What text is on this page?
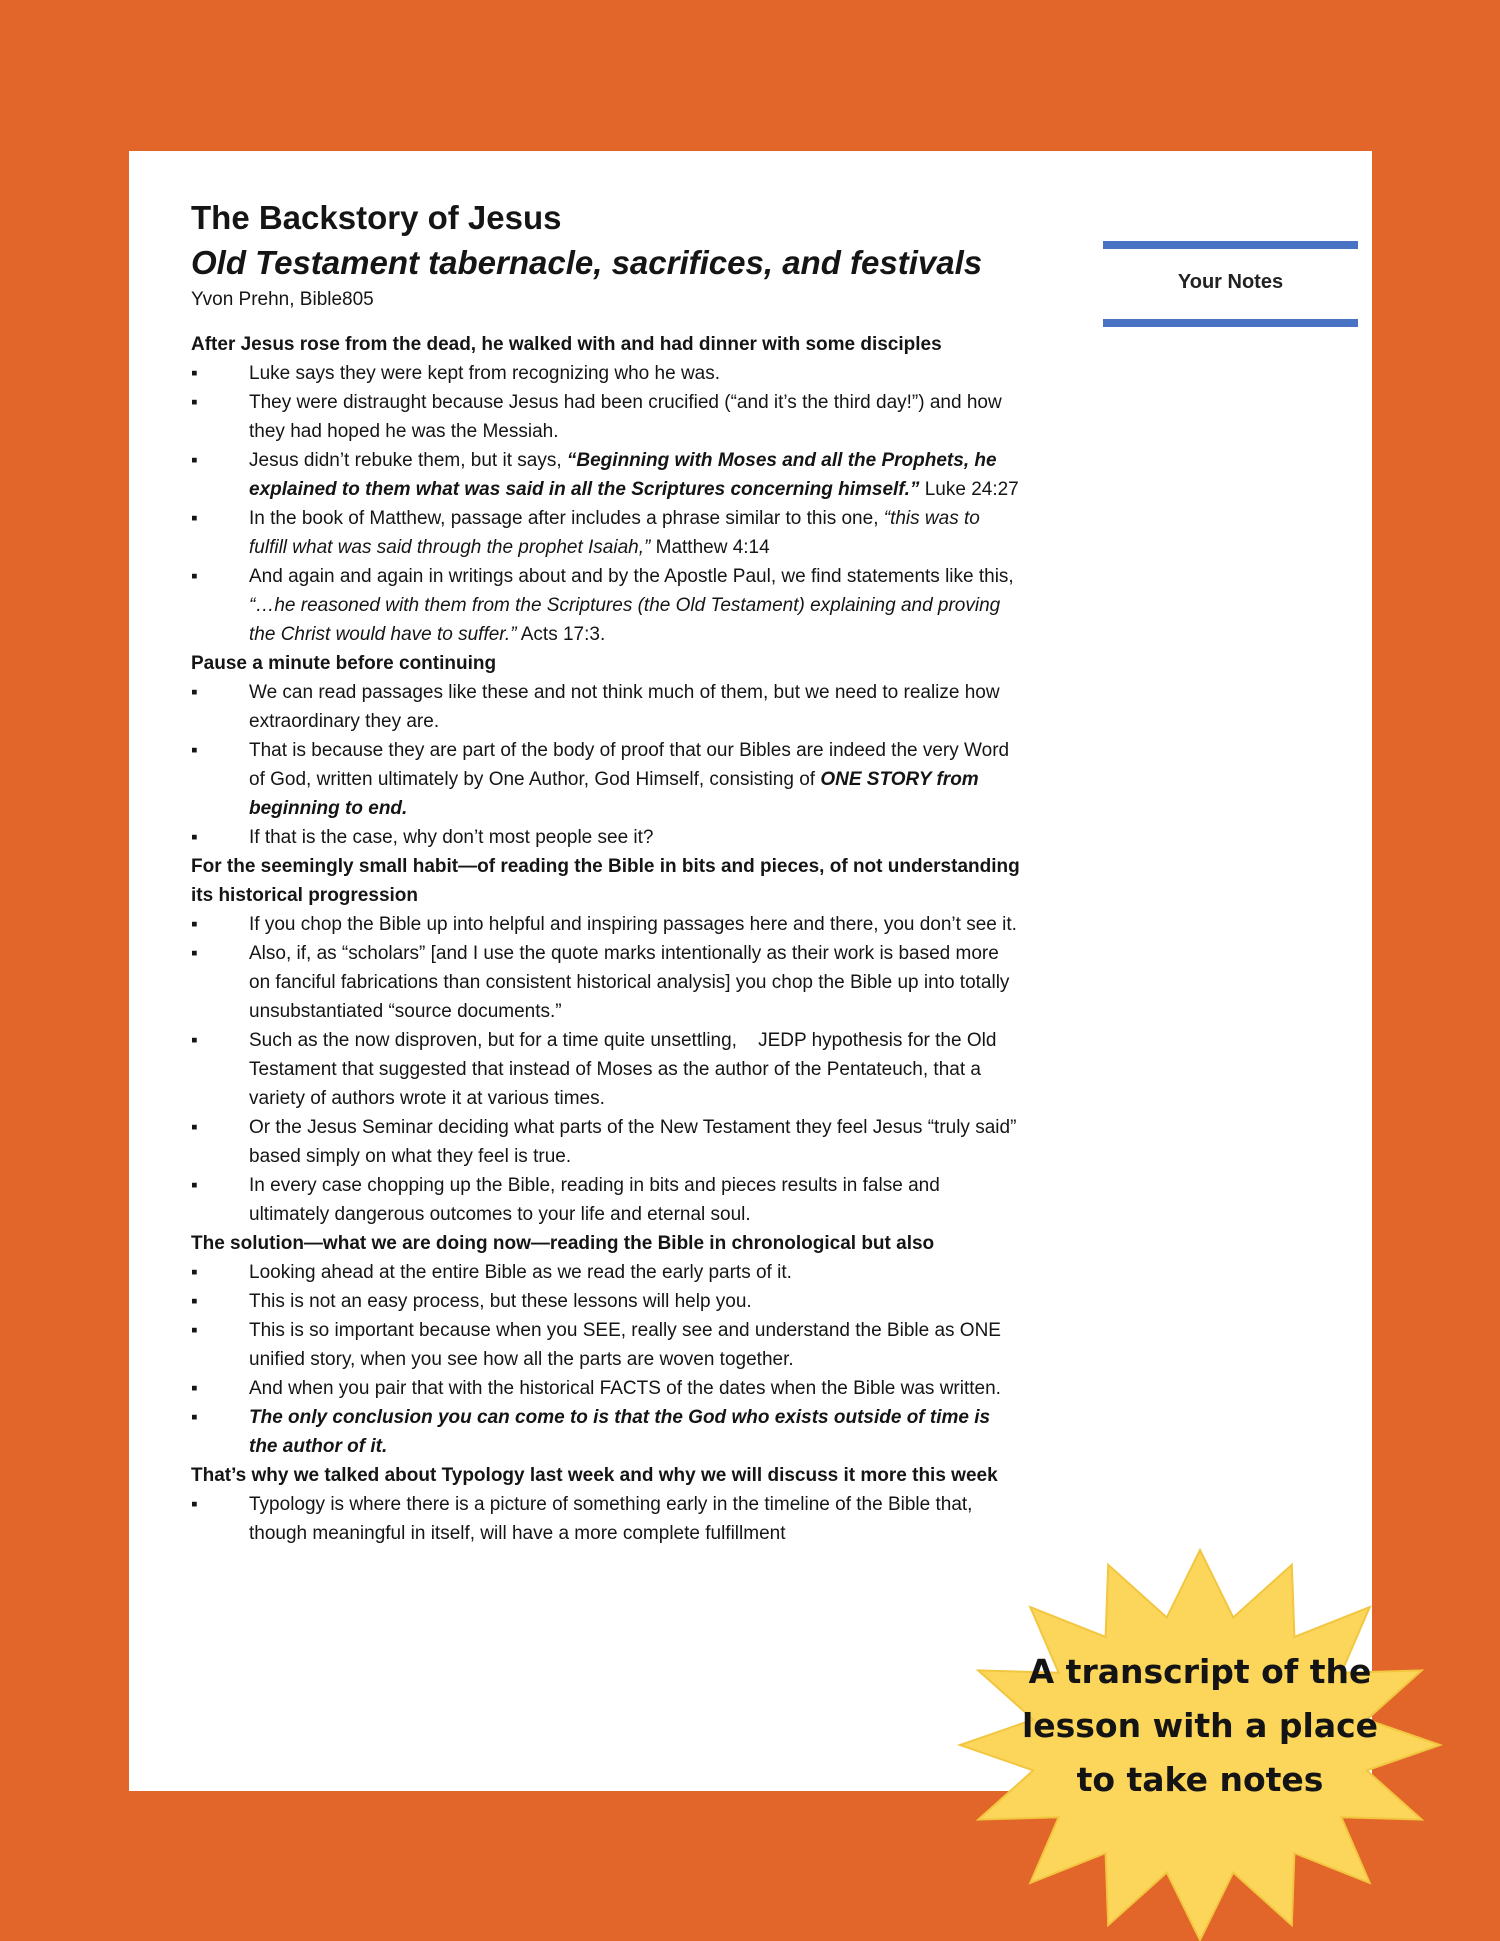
The Backstory of Jesus
Old Testament tabernacle, sacrifices, and festivals
Yvon Prehn, Bible805
After Jesus rose from the dead, he walked with and had dinner with some disciples
▪	Luke says they were kept from recognizing who he was.
▪	They were distraught because Jesus had been crucified (“and it’s the third day!”) and how they had hoped he was the Messiah.
▪	Jesus didn’t rebuke them, but it says, “Beginning with Moses and all the Prophets, he explained to them what was said in all the Scriptures concerning himself.” Luke 24:27
▪	In the book of Matthew, passage after includes a phrase similar to this one, “this was to fulfill what was said through the prophet Isaiah,” Matthew 4:14
▪	And again and again in writings about and by the Apostle Paul, we find statements like this, “…he reasoned with them from the Scriptures (the Old Testament) explaining and proving the Christ would have to suffer.” Acts 17:3.
Pause a minute before continuing
▪	We can read passages like these and not think much of them, but we need to realize how extraordinary they are.
▪	That is because they are part of the body of proof that our Bibles are indeed the very Word of God, written ultimately by One Author, God Himself, consisting of ONE STORY from beginning to end.
▪	If that is the case, why don’t most people see it?
For the seemingly small habit—of reading the Bible in bits and pieces, of not understanding its historical progression
▪	If you chop the Bible up into helpful and inspiring passages here and there, you don’t see it.
▪	Also, if, as “scholars” [and I use the quote marks intentionally as their work is based more on fanciful fabrications than consistent historical analysis] you chop the Bible up into totally unsubstantiated “source documents.”
▪	Such as the now disproven, but for a time quite unsettling,    JEDP hypothesis for the Old Testament that suggested that instead of Moses as the author of the Pentateuch, that a variety of authors wrote it at various times.
▪	Or the Jesus Seminar deciding what parts of the New Testament they feel Jesus “truly said” based simply on what they feel is true.
▪	In every case chopping up the Bible, reading in bits and pieces results in false and ultimately dangerous outcomes to your life and eternal soul.
The solution—what we are doing now—reading the Bible in chronological but also
▪	Looking ahead at the entire Bible as we read the early parts of it.
▪	This is not an easy process, but these lessons will help you.
▪	This is so important because when you SEE, really see and understand the Bible as ONE unified story, when you see how all the parts are woven together.
▪	And when you pair that with the historical FACTS of the dates when the Bible was written.
▪	The only conclusion you can come to is that the God who exists outside of time is the author of it.
That’s why we talked about Typology last week and why we will discuss it more this week
▪	Typology is where there is a picture of something early in the timeline of the Bible that, though meaningful in itself, will have a more complete fulfillment
Your Notes
A transcript of the
lesson with a place
to take notes
